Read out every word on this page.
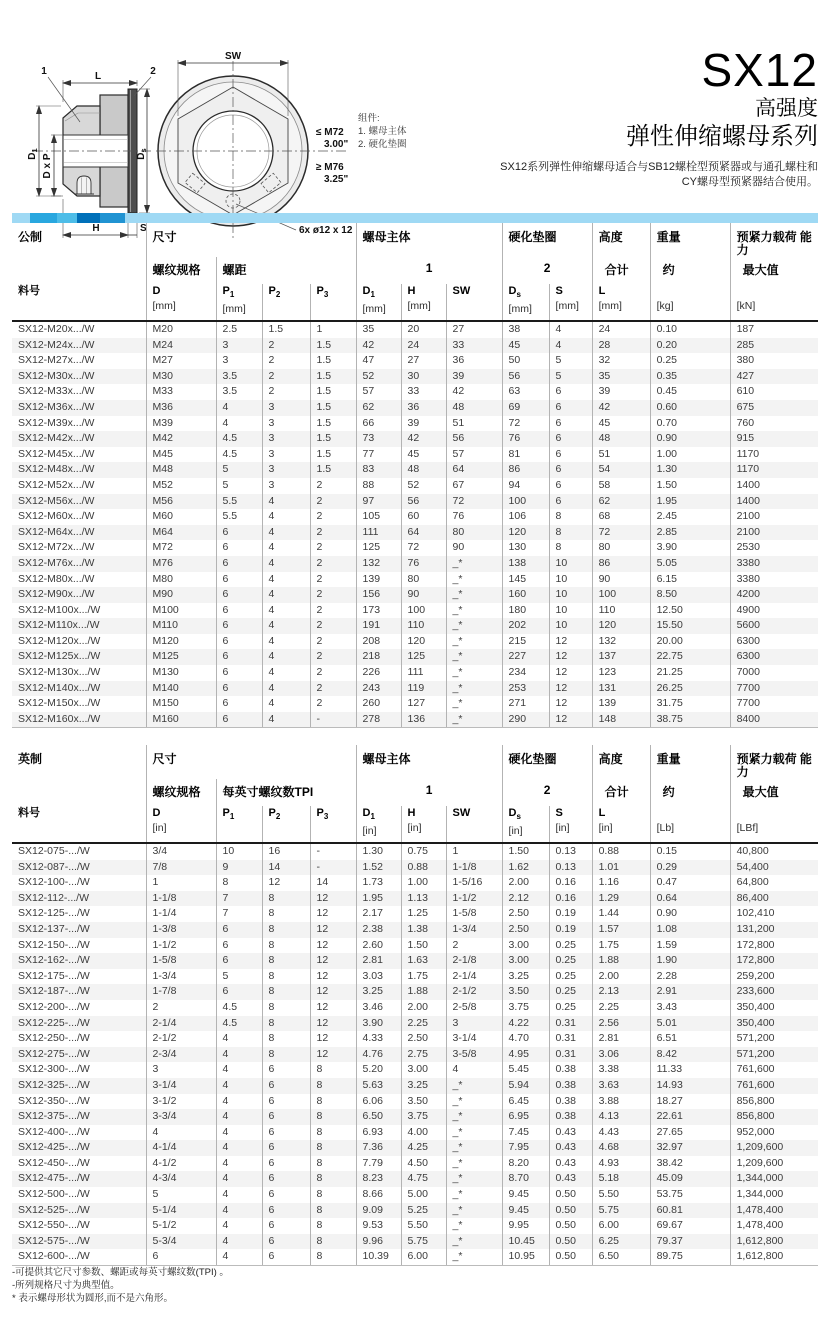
L
1	2
$D_1$
D x P	$D_s$
H	S
SW
≤ M72
3.00"
≥ M76
3.25"
6x ø12 x 12
组件:
1. 螺母主体
2. 硬化垫圈
SX12
高强度
弹性伸缩螺母系列
SX12系列弹性伸缩螺母适合与SB12螺栓型预紧器或与通孔螺柱和
CY螺母型预紧器结合使用。
公制	尺寸				螺母主体			硬化垫圈		高度	重量	预紧力载荷 能力
	螺纹规格	螺距			1			2		合计	约	最大值
料号	D
[mm]	$P_1$
[mm]	$P_2$	$P_3$	$D_1$
[mm]	H
[mm]	SW	$D_s$
[mm]	S
[mm]	L
[mm]	[kg]	[kN]
SX12-M20x.../W	M20	2.5	1.5	1	35	20	27	38	4	24	0.10	187
SX12-M24x.../W	M24	3	2	1.5	42	24	33	45	4	28	0.20	285
SX12-M27x.../W	M27	3	2	1.5	47	27	36	50	5	32	0.25	380
SX12-M30x.../W	M30	3.5	2	1.5	52	30	39	56	5	35	0.35	427
SX12-M33x.../W	M33	3.5	2	1.5	57	33	42	63	6	39	0.45	610
SX12-M36x.../W	M36	4	3	1.5	62	36	48	69	6	42	0.60	675
SX12-M39x.../W	M39	4	3	1.5	66	39	51	72	6	45	0.70	760
SX12-M42x.../W	M42	4.5	3	1.5	73	42	56	76	6	48	0.90	915
SX12-M45x.../W	M45	4.5	3	1.5	77	45	57	81	6	51	1.00	1170
SX12-M48x.../W	M48	5	3	1.5	83	48	64	86	6	54	1.30	1170
SX12-M52x.../W	M52	5	3	2	88	52	67	94	6	58	1.50	1400
SX12-M56x.../W	M56	5.5	4	2	97	56	72	100	6	62	1.95	1400
SX12-M60x.../W	M60	5.5	4	2	105	60	76	106	8	68	2.45	2100
SX12-M64x.../W	M64	6	4	2	111	64	80	120	8	72	2.85	2100
SX12-M72x.../W	M72	6	4	2	125	72	90	130	8	80	3.90	2530
SX12-M76x.../W	M76	6	4	2	132	76	_*	138	10	86	5.05	3380
SX12-M80x.../W	M80	6	4	2	139	80	_*	145	10	90	6.15	3380
SX12-M90x.../W	M90	6	4	2	156	90	_*	160	10	100	8.50	4200
SX12-M100x.../W	M100	6	4	2	173	100	_*	180	10	110	12.50	4900
SX12-M110x.../W	M110	6	4	2	191	110	_*	202	10	120	15.50	5600
SX12-M120x.../W	M120	6	4	2	208	120	_*	215	12	132	20.00	6300
SX12-M125x.../W	M125	6	4	2	218	125	_*	227	12	137	22.75	6300
SX12-M130x.../W	M130	6	4	2	226	111	_*	234	12	123	21.25	7000
SX12-M140x.../W	M140	6	4	2	243	119	_*	253	12	131	26.25	7700
SX12-M150x.../W	M150	6	4	2	260	127	_*	271	12	139	31.75	7700
SX12-M160x.../W	M160	6	4	-	278	136	_*	290	12	148	38.75	8400
英制	尺寸				螺母主体			硬化垫圈		高度	重量	预紧力载荷 能力
	螺纹规格	每英寸螺纹数TPI			1			2		合计	约	最大值
料号	D
[in]	$P_1$	$P_2$	$P_3$	$D_1$
[in]	H
[in]	SW	$D_s$
[in]	S
[in]	L
[in]	[Lb]	[LBf]
SX12-075-.../W	3/4	10	16	-	1.30	0.75	1	1.50	0.13	0.88	0.15	40,800
SX12-087-.../W	7/8	9	14	-	1.52	0.88	1-1/8	1.62	0.13	1.01	0.29	54,400
SX12-100-.../W	1	8	12	14	1.73	1.00	1-5/16	2.00	0.16	1.16	0.47	64,800
SX12-112-.../W	1-1/8	7	8	12	1.95	1.13	1-1/2	2.12	0.16	1.29	0.64	86,400
SX12-125-.../W	1-1/4	7	8	12	2.17	1.25	1-5/8	2.50	0.19	1.44	0.90	102,410
SX12-137-.../W	1-3/8	6	8	12	2.38	1.38	1-3/4	2.50	0.19	1.57	1.08	131,200
SX12-150-.../W	1-1/2	6	8	12	2.60	1.50	2	3.00	0.25	1.75	1.59	172,800
SX12-162-.../W	1-5/8	6	8	12	2.81	1.63	2-1/8	3.00	0.25	1.88	1.90	172,800
SX12-175-.../W	1-3/4	5	8	12	3.03	1.75	2-1/4	3.25	0.25	2.00	2.28	259,200
SX12-187-.../W	1-7/8	6	8	12	3.25	1.88	2-1/2	3.50	0.25	2.13	2.91	233,600
SX12-200-.../W	2	4.5	8	12	3.46	2.00	2-5/8	3.75	0.25	2.25	3.43	350,400
SX12-225-.../W	2-1/4	4.5	8	12	3.90	2.25	3	4.22	0.31	2.56	5.01	350,400
SX12-250-.../W	2-1/2	4	8	12	4.33	2.50	3-1/4	4.70	0.31	2.81	6.51	571,200
SX12-275-.../W	2-3/4	4	8	12	4.76	2.75	3-5/8	4.95	0.31	3.06	8.42	571,200
SX12-300-.../W	3	4	6	8	5.20	3.00	4	5.45	0.38	3.38	11.33	761,600
SX12-325-.../W	3-1/4	4	6	8	5.63	3.25	_*	5.94	0.38	3.63	14.93	761,600
SX12-350-.../W	3-1/2	4	6	8	6.06	3.50	_*	6.45	0.38	3.88	18.27	856,800
SX12-375-.../W	3-3/4	4	6	8	6.50	3.75	_*	6.95	0.38	4.13	22.61	856,800
SX12-400-.../W	4	4	6	8	6.93	4.00	_*	7.45	0.43	4.43	27.65	952,000
SX12-425-.../W	4-1/4	4	6	8	7.36	4.25	_*	7.95	0.43	4.68	32.97	1,209,600
SX12-450-.../W	4-1/2	4	6	8	7.79	4.50	_*	8.20	0.43	4.93	38.42	1,209,600
SX12-475-.../W	4-3/4	4	6	8	8.23	4.75	_*	8.70	0.43	5.18	45.09	1,344,000
SX12-500-.../W	5	4	6	8	8.66	5.00	_*	9.45	0.50	5.50	53.75	1,344,000
SX12-525-.../W	5-1/4	4	6	8	9.09	5.25	_*	9.45	0.50	5.75	60.81	1,478,400
SX12-550-.../W	5-1/2	4	6	8	9.53	5.50	_*	9.95	0.50	6.00	69.67	1,478,400
SX12-575-.../W	5-3/4	4	6	8	9.96	5.75	_*	10.45	0.50	6.25	79.37	1,612,800
SX12-600-.../W	6	4	6	8	10.39	6.00	_*	10.95	0.50	6.50	89.75	1,612,800
-可提供其它尺寸参数、螺距或每英寸螺纹数(TPI) 。
-所列规格尺寸为典型值。
* 表示螺母形状为圆形,而不是六角形。
